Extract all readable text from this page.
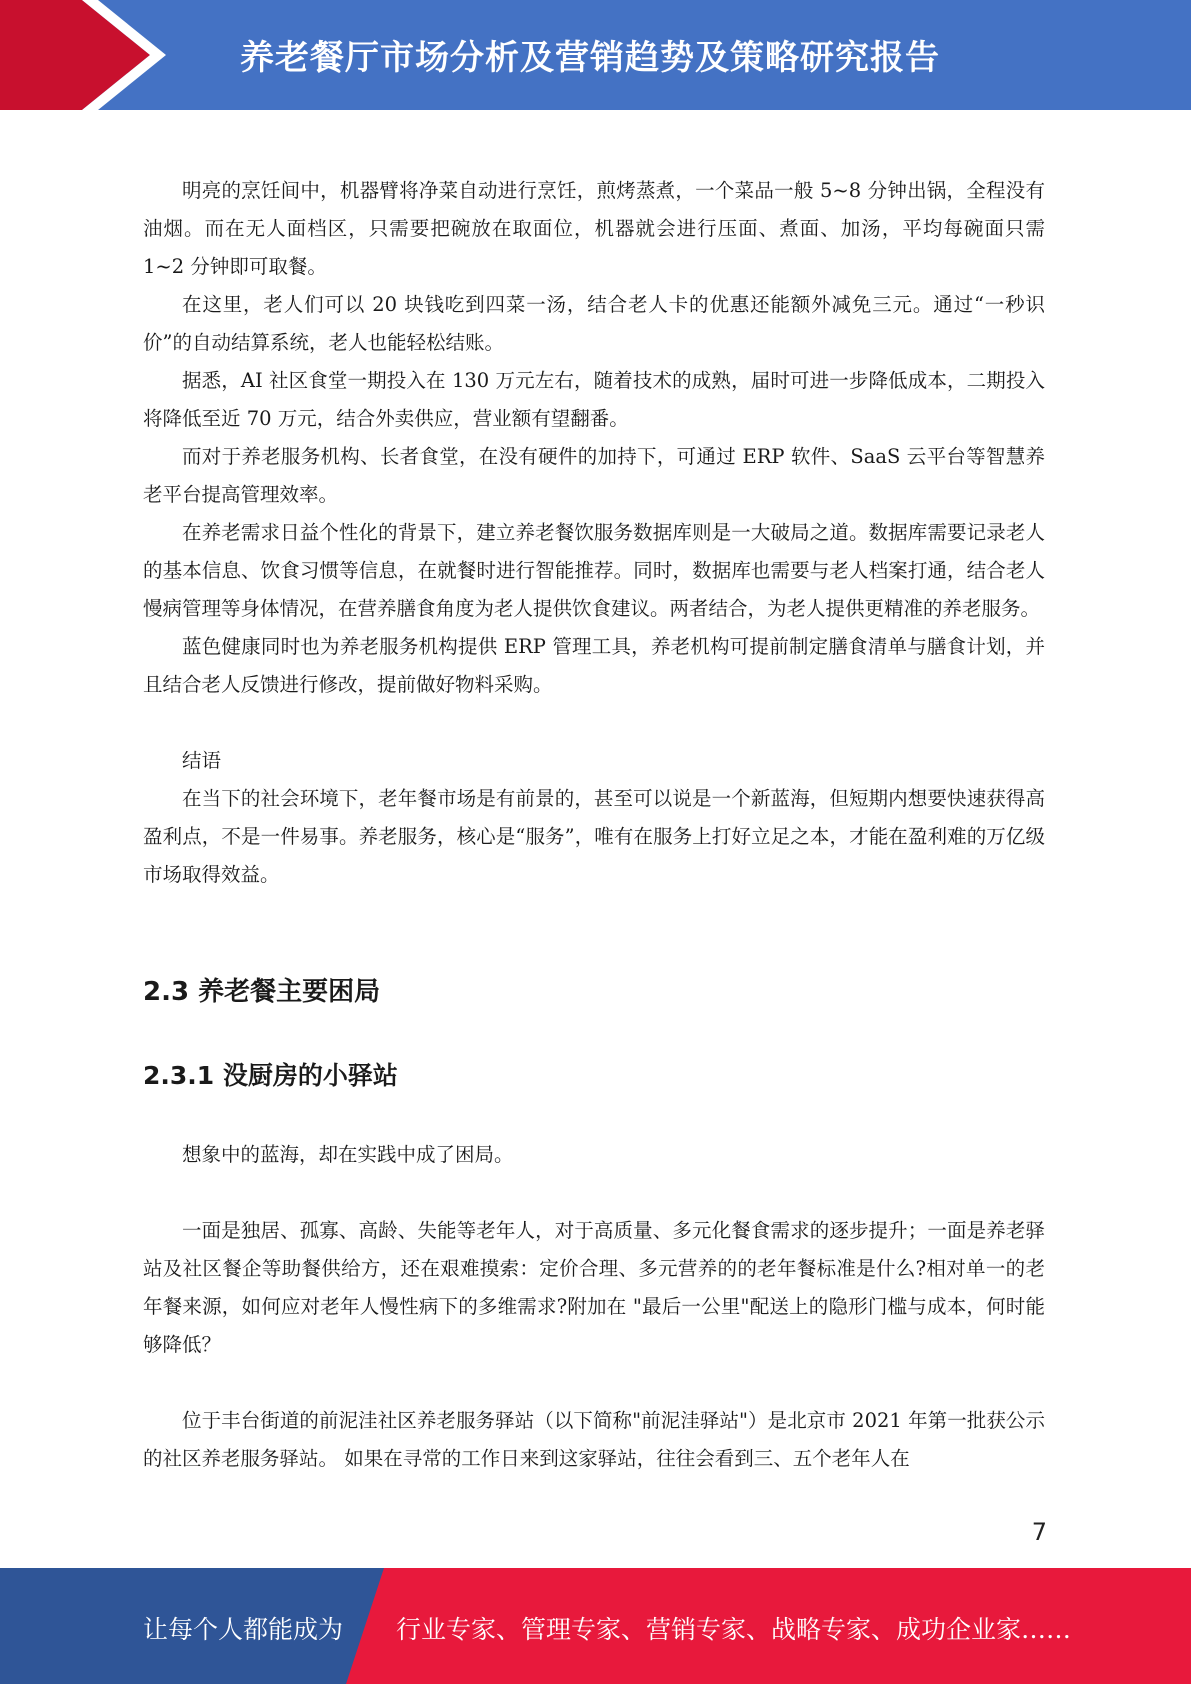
养老餐厅市场分析及营销趋势及策略研究报告

明亮的烹饪间中，机器臂将净菜自动进行烹饪，煎烤蒸煮，一个菜品一般 5~8 分钟出锅，全程没有油烟。而在无人面档区，只需要把碗放在取面位，机器就会进行压面、煮面、加汤，平均每碗面只需 1~2 分钟即可取餐。

在这里，老人们可以 20 块钱吃到四菜一汤，结合老人卡的优惠还能额外减免三元。通过“一秒识价”的自动结算系统，老人也能轻松结账。

据悉，AI 社区食堂一期投入在 130 万元左右，随着技术的成熟，届时可进一步降低成本，二期投入将降低至近 70 万元，结合外卖供应，营业额有望翻番。

而对于养老服务机构、长者食堂，在没有硬件的加持下，可通过 ERP 软件、SaaS 云平台等智慧养老平台提高管理效率。

在养老需求日益个性化的背景下，建立养老餐饮服务数据库则是一大破局之道。数据库需要记录老人的基本信息、饮食习惯等信息，在就餐时进行智能推荐。同时，数据库也需要与老人档案打通，结合老人慢病管理等身体情况，在营养膳食角度为老人提供饮食建议。两者结合，为老人提供更精准的养老服务。

蓝色健康同时也为养老服务机构提供 ERP 管理工具，养老机构可提前制定膳食清单与膳食计划，并且结合老人反馈进行修改，提前做好物料采购。

结语

在当下的社会环境下，老年餐市场是有前景的，甚至可以说是一个新蓝海，但短期内想要快速获得高盈利点，不是一件易事。养老服务，核心是“服务”，唯有在服务上打好立足之本，才能在盈利难的万亿级市场取得效益。

2.3 养老餐主要困局
2.3.1 没厨房的小驿站

想象中的蓝海，却在实践中成了困局。

一面是独居、孤寡、高龄、失能等老年人，对于高质量、多元化餐食需求的逐步提升；一面是养老驿站及社区餐企等助餐供给方，还在艰难摸索：定价合理、多元营养的的老年餐标准是什么?相对单一的老年餐来源，如何应对老年人慢性病下的多维需求?附加在 "最后一公里"配送上的隐形门槛与成本，何时能够降低？

位于丰台街道的前泥洼社区养老服务驿站（以下简称"前泥洼驿站"）是北京市 2021 年第一批获公示的社区养老服务驿站。 如果在寻常的工作日来到这家驿站，往往会看到三、五个老年人在

7
让每个人都能成为 行业专家、管理专家、营销专家、战略专家、成功企业家……
